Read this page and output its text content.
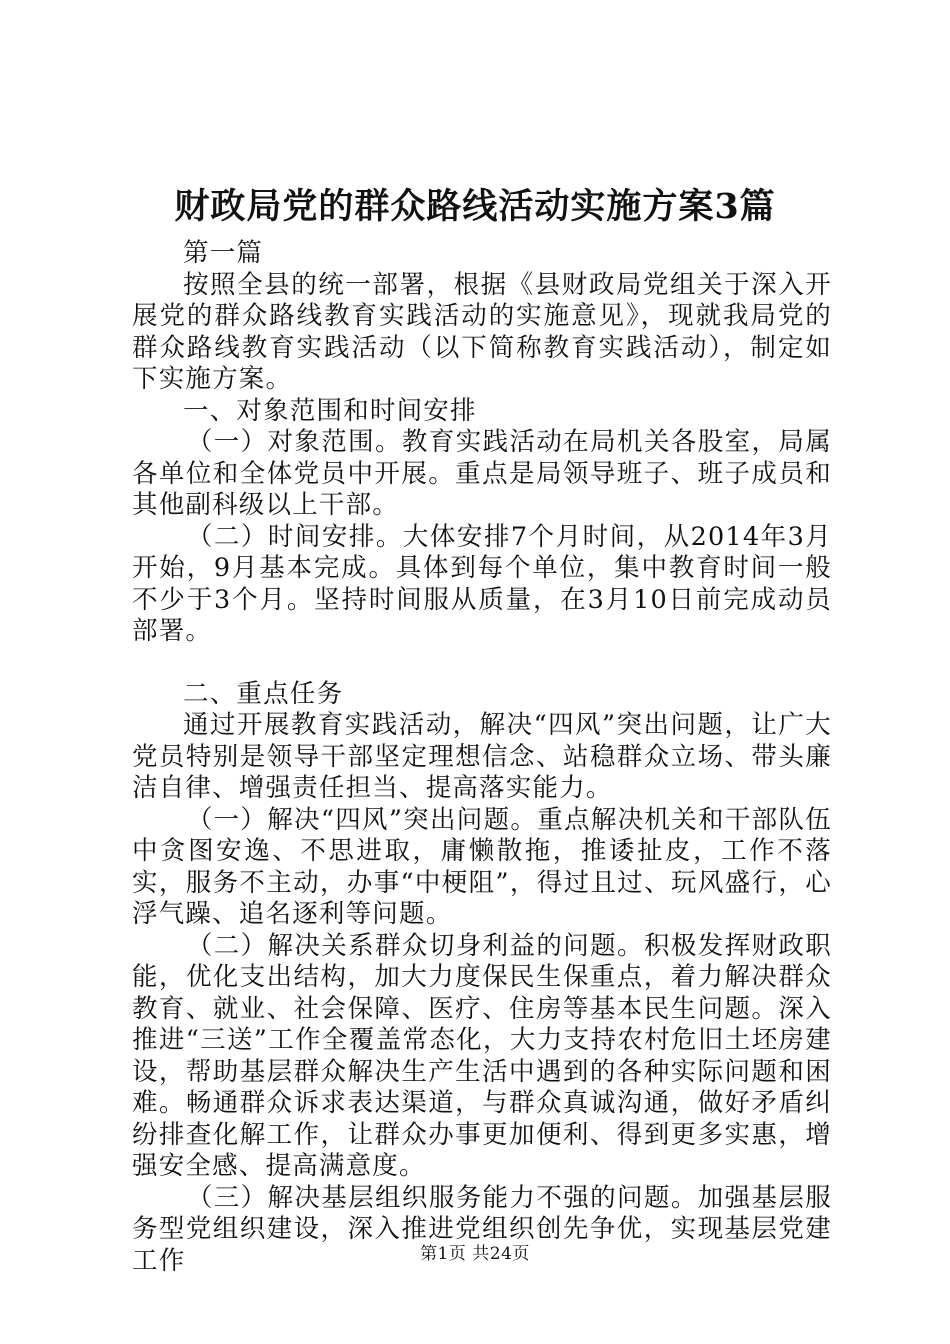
财政局党的群众路线活动实施方案3篇

第一篇

按照全县的统一部署，根据《县财政局党组关于深入开展党的群众路线教育实践活动的实施意见》，现就我局党的群众路线教育实践活动（以下简称教育实践活动），制定如下实施方案。

一、对象范围和时间安排

（一）对象范围。教育实践活动在局机关各股室，局属各单位和全体党员中开展。重点是局领导班子、班子成员和其他副科级以上干部。

（二）时间安排。大体安排7个月时间，从2014年3月开始，9月基本完成。具体到每个单位，集中教育时间一般不少于3个月。坚持时间服从质量，在3月10日前完成动员部署。

二、重点任务

通过开展教育实践活动，解决“四风”突出问题，让广大党员特别是领导干部坚定理想信念、站稳群众立场、带头廉洁自律、增强责任担当、提高落实能力。

（一）解决“四风”突出问题。重点解决机关和干部队伍中贪图安逸、不思进取，庸懒散拖，推诿扯皮，工作不落实，服务不主动，办事“中梗阻”，得过且过、玩风盛行，心浮气躁、追名逐利等问题。

（二）解决关系群众切身利益的问题。积极发挥财政职能，优化支出结构，加大力度保民生保重点，着力解决群众教育、就业、社会保障、医疗、住房等基本民生问题。深入推进“三送”工作全覆盖常态化，大力支持农村危旧土坯房建设，帮助基层群众解决生产生活中遇到的各种实际问题和困难。畅通群众诉求表达渠道，与群众真诚沟通，做好矛盾纠纷排查化解工作，让群众办事更加便利、得到更多实惠，增强安全感、提高满意度。

（三）解决基层组织服务能力不强的问题。加强基层服务型党组织建设，深入推进党组织创先争优，实现基层党建工作	第1页 共24页
